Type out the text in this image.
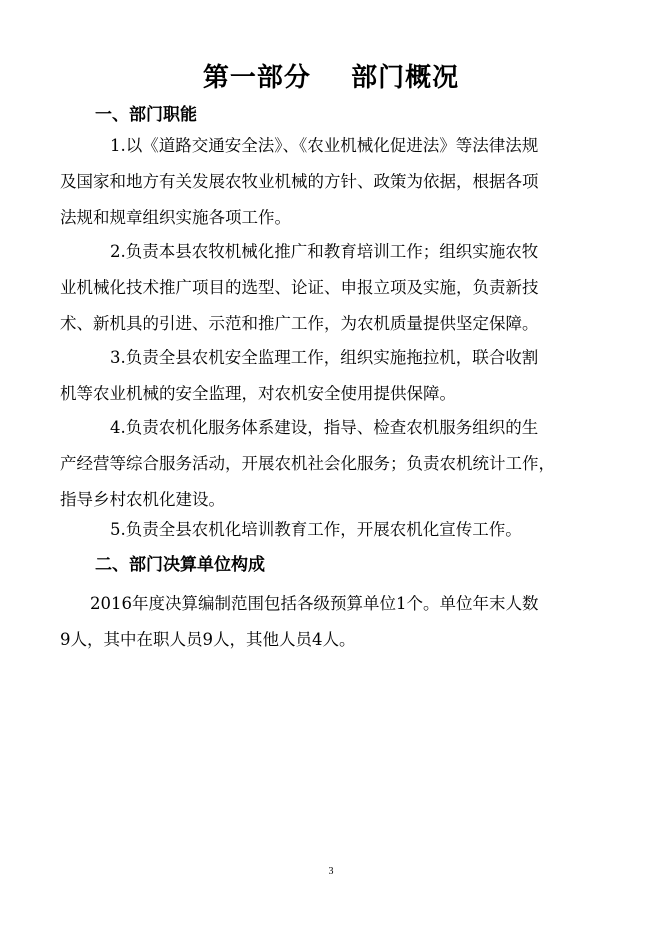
第一部分    部门概况
一、部门职能
1.以《道路交通安全法》、《农业机械化促进法》等法律法规
及国家和地方有关发展农牧业机械的方针、政策为依据，根据各项
法规和规章组织实施各项工作。
2.负责本县农牧机械化推广和教育培训工作；组织实施农牧
业机械化技术推广项目的选型、论证、申报立项及实施，负责新技
术、新机具的引进、示范和推广工作，为农机质量提供坚定保障。
3.负责全县农机安全监理工作，组织实施拖拉机，联合收割
机等农业机械的安全监理，对农机安全使用提供保障。
4.负责农机化服务体系建设，指导、检查农机服务组织的生
产经营等综合服务活动，开展农机社会化服务；负责农机统计工作，
指导乡村农机化建设。
5.负责全县农机化培训教育工作，开展农机化宣传工作。
二、部门决算单位构成
2016年度决算编制范围包括各级预算单位1个。单位年末人数
9人，其中在职人员9人，其他人员4人。
3
